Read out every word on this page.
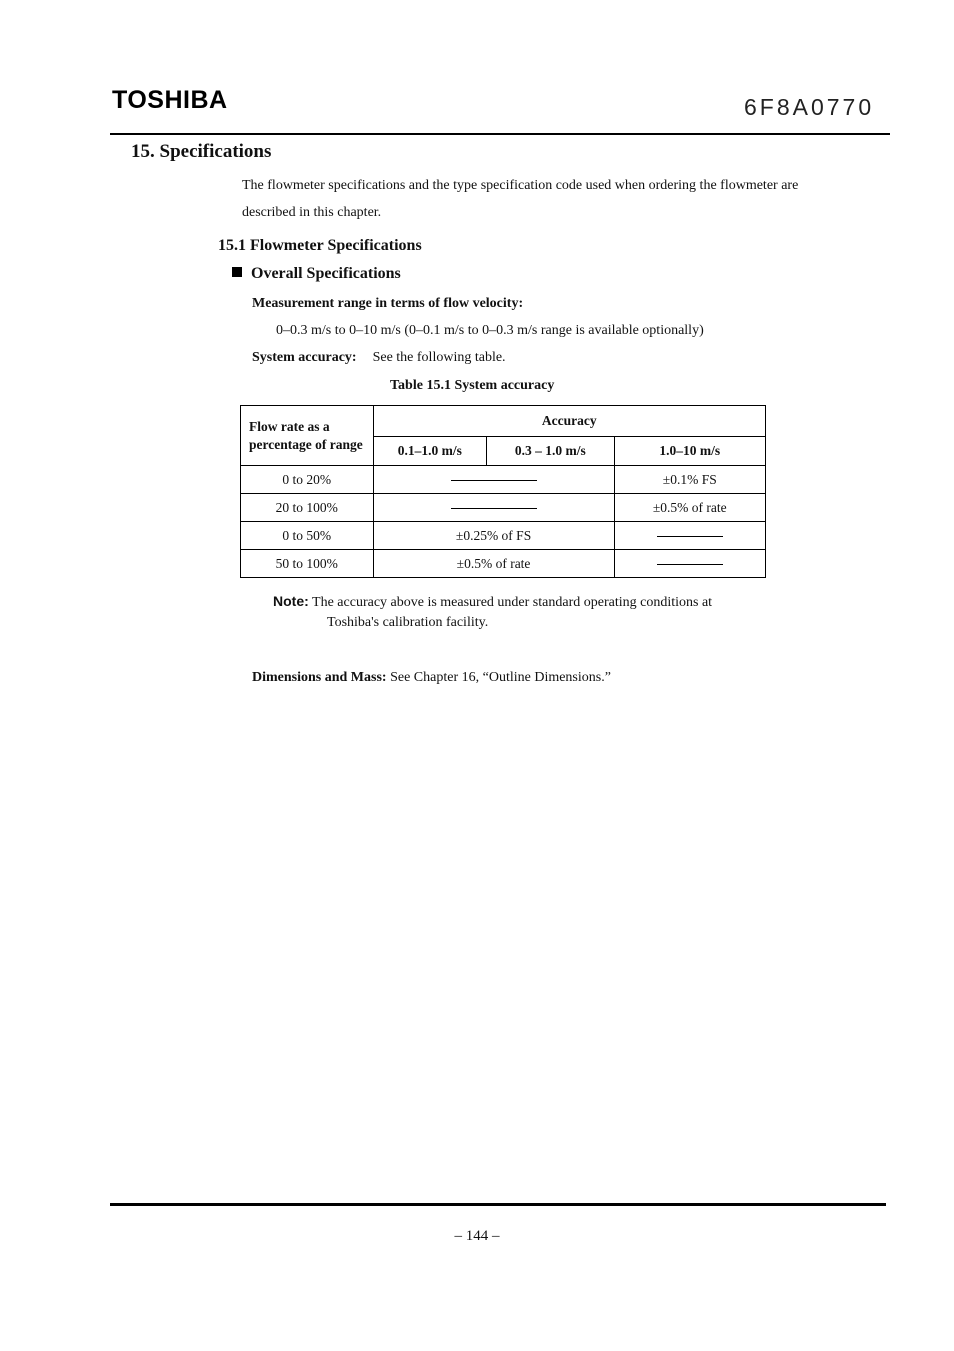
TOSHIBA	6F8A0770
15. Specifications
The flowmeter specifications and the type specification code used when ordering the flowmeter are described in this chapter.
15.1 Flowmeter Specifications
Overall Specifications
Measurement range in terms of flow velocity:
0–0.3 m/s to 0–10 m/s (0–0.1 m/s to 0–0.3 m/s range is available optionally)
System accuracy: See the following table.
Table 15.1 System accuracy
Flow rate as a percentage of range	Accuracy		
	0.1–1.0 m/s	0.3 – 1.0 m/s	1.0–10 m/s
0 to 20%			±0.1% FS
20 to 100%			±0.5% of rate
0 to 50%	±0.25% of FS		
50 to 100%	±0.5% of rate		
Note: The accuracy above is measured under standard operating conditions at
Toshiba's calibration facility.
Dimensions and Mass: See Chapter 16, “Outline Dimensions.”
– 144 –
